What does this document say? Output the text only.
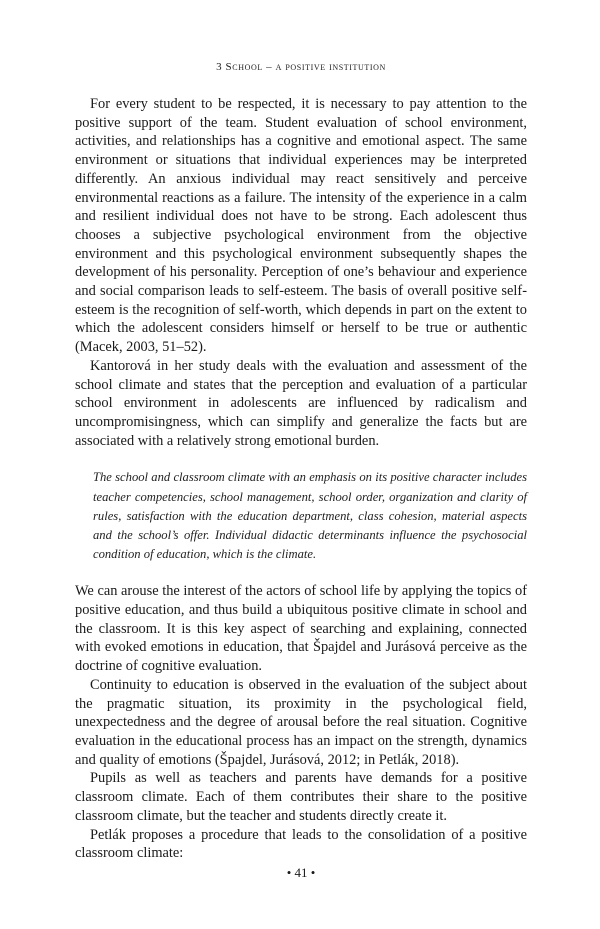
3 School – a positive institution

For every student to be respected, it is necessary to pay attention to the positive support of the team. Student evaluation of school environment, activities, and relationships has a cognitive and emotional aspect. The same environment or situations that individual experiences may be interpreted differently. An anxious individual may react sensitively and perceive environmental reactions as a failure. The intensity of the experience in a calm and resilient individual does not have to be strong. Each adolescent thus chooses a subjective psychological environment from the objective environment and this psychological environment subsequently shapes the development of his personality. Perception of one’s behaviour and experience and social comparison leads to self-esteem. The basis of overall positive self-esteem is the recognition of self-worth, which depends in part on the extent to which the adolescent considers himself or herself to be true or authentic (Macek, 2003, 51–52).

Kantorová in her study deals with the evaluation and assessment of the school climate and states that the perception and evaluation of a particular school environment in adolescents are influenced by radicalism and uncompromisingness, which can simplify and generalize the facts but are associated with a relatively strong emotional burden.

The school and classroom climate with an emphasis on its positive character includes teacher competencies, school management, school order, organization and clarity of rules, satisfaction with the education department, class cohesion, material aspects and the school’s offer. Individual didactic determinants influence the psychosocial condition of education, which is the climate.

We can arouse the interest of the actors of school life by applying the topics of positive education, and thus build a ubiquitous positive climate in school and the classroom. It is this key aspect of searching and explaining, connected with evoked emotions in education, that Špajdel and Jurásová perceive as the doctrine of cognitive evaluation.

Continuity to education is observed in the evaluation of the subject about the pragmatic situation, its proximity in the psychological field, unexpectedness and the degree of arousal before the real situation. Cognitive evaluation in the educational process has an impact on the strength, dynamics and quality of emotions (Špajdel, Jurásová, 2012; in Petlák, 2018).

Pupils as well as teachers and parents have demands for a positive classroom climate. Each of them contributes their share to the positive classroom climate, but the teacher and students directly create it.

Petlák proposes a procedure that leads to the consolidation of a positive classroom climate:

• 41 •
